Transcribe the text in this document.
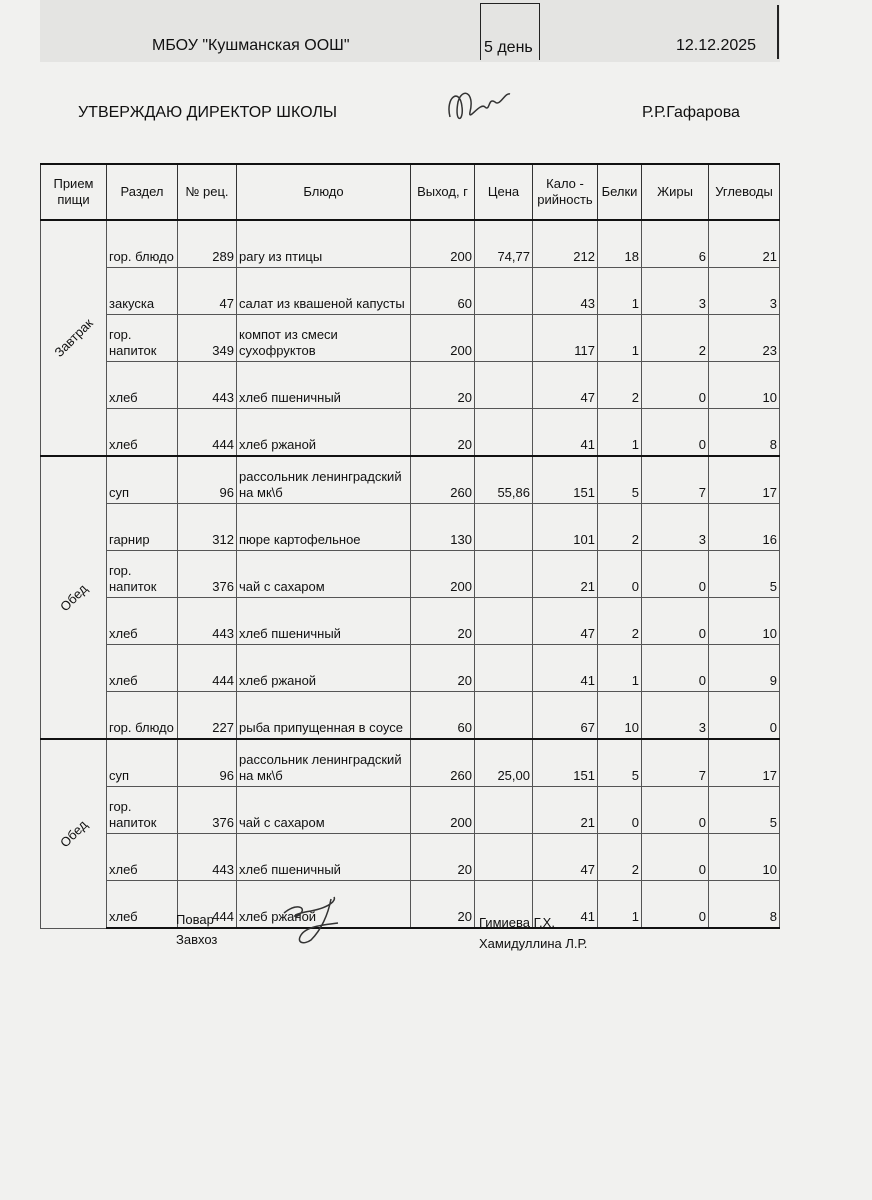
МБОУ "Кушманская ООШ"	5 день	12.12.2025
УТВЕРЖДАЮ ДИРЕКТОР ШКОЛЫ	Р.Р.Гафарова
Прием пищи	Раздел	№ рец.	Блюдо	Выход, г	Цена	Кало - рийность	Белки	Жиры	Углеводы
Завтрак	гор. блюдо	289	рагу из птицы	200	74,77	212	18	6	21
	закуска	47	салат из квашеной капусты	60		43	1	3	3
	гор. напиток	349	компот из смеси сухофруктов	200		117	1	2	23
	хлеб	443	хлеб пшеничный	20		47	2	0	10
	хлеб	444	хлеб ржаной	20		41	1	0	8
Обед	суп	96	рассольник ленинградский на мк\б	260	55,86	151	5	7	17
	гарнир	312	пюре картофельное	130		101	2	3	16
	гор. напиток	376	чай с сахаром	200		21	0	0	5
	хлеб	443	хлеб пшеничный	20		47	2	0	10
	хлеб	444	хлеб ржаной	20		41	1	0	9
	гор. блюдо	227	рыба припущенная в соусе	60		67	10	3	0
Обед	суп	96	рассольник ленинградский на мк\б	260	25,00	151	5	7	17
	гор. напиток	376	чай с сахаром	200		21	0	0	5
	хлеб	443	хлеб пшеничный	20		47	2	0	10
	хлеб	444	хлеб ржаной	20		41	1	0	8
Повар
Завхоз
Гимиева Г.Х.
Хамидуллина Л.Р.
